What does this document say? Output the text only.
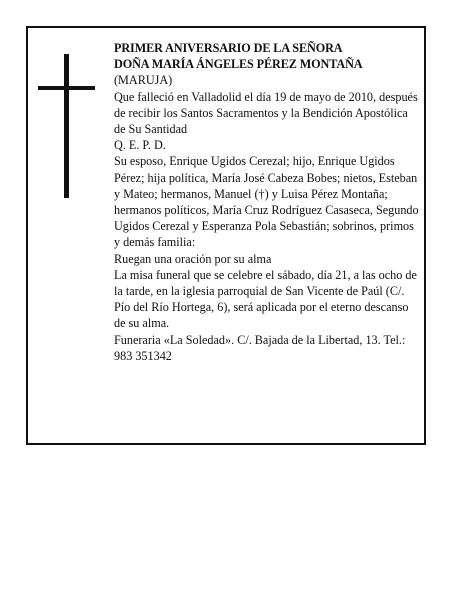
PRIMER ANIVERSARIO DE LA SEÑORA

DOÑA MARÍA ÁNGELES PÉREZ MONTAÑA

(MARUJA)

Que falleció en Valladolid el día 19 de mayo de 2010, después de recibir los Santos Sacramentos y la Bendición Apostólica de Su Santidad

Q. E. P. D.

Su esposo, Enrique Ugidos Cerezal; hijo, Enrique Ugidos Pérez; hija política, María José Cabeza Bobes; nietos, Esteban y Mateo; hermanos, Manuel (†) y Luisa Pérez Montaña; hermanos políticos, María Cruz Rodríguez Casaseca, Segundo Ugidos Cerezal y Esperanza Pola Sebastián; sobrinos, primos y demás familia:

Ruegan una oración por su alma

La misa funeral que se celebre el sábado, día 21, a las ocho de la tarde, en la iglesia parroquial de San Vicente de Paúl (C/. Pío del Río Hortega, 6), será aplicada por el eterno descanso de su alma.

Funeraria «La Soledad». C/. Bajada de la Libertad, 13. Tel.: 983 351342
